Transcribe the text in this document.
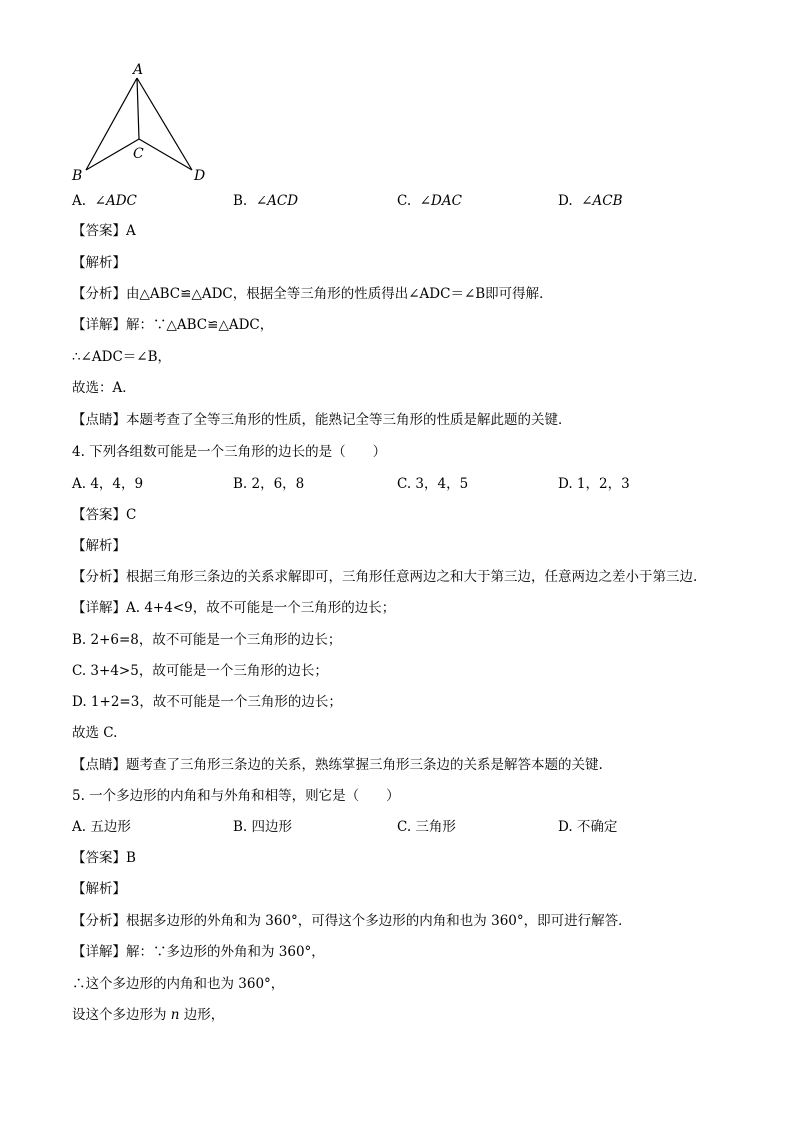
A
B
C
D
A. ∠ADC	B. ∠ACD	C. ∠DAC	D. ∠ACB
【答案】A
【解析】
【分析】由△ABC≌△ADC，根据全等三角形的性质得出∠ADC＝∠B即可得解．
【详解】解：∵△ABC≌△ADC，
∴∠ADC＝∠B，
故选：A．
【点睛】本题考查了全等三角形的性质，能熟记全等三角形的性质是解此题的关键．
4. 下列各组数可能是一个三角形的边长的是（　　）
A. 4，4，9	B. 2，6，8	C. 3，4，5	D. 1，2，3
【答案】C
【解析】
【分析】根据三角形三条边的关系求解即可，三角形任意两边之和大于第三边，任意两边之差小于第三边.
【详解】A. 4+4<9，故不可能是一个三角形的边长；
B. 2+6=8，故不可能是一个三角形的边长；
C. 3+4>5，故可能是一个三角形的边长；
D. 1+2=3，故不可能是一个三角形的边长；
故选 C.
【点睛】题考查了三角形三条边的关系，熟练掌握三角形三条边的关系是解答本题的关键.
5. 一个多边形的内角和与外角和相等，则它是（　　）
A. 五边形	B. 四边形	C. 三角形	D. 不确定
【答案】B
【解析】
【分析】根据多边形的外角和为 360°，可得这个多边形的内角和也为 360°，即可进行解答．
【详解】解：∵多边形的外角和为 360°，
∴这个多边形的内角和也为 360°，
设这个多边形为 n 边形，
